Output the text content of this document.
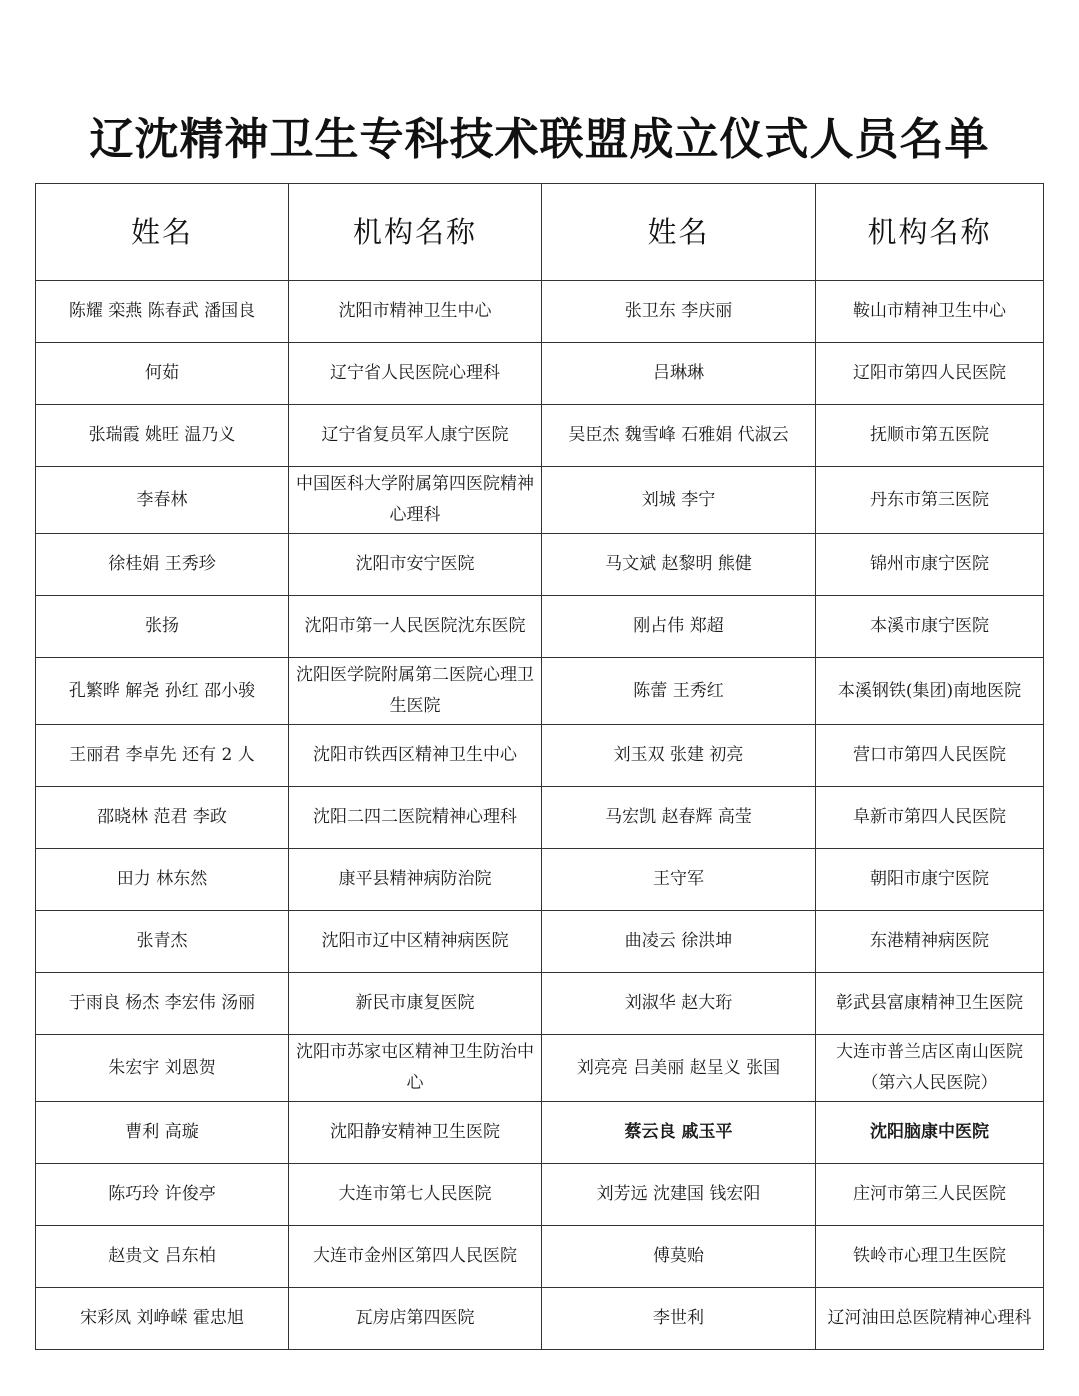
辽沈精神卫生专科技术联盟成立仪式人员名单
姓名	机构名称	姓名	机构名称
陈耀 栾燕 陈春武 潘国良	沈阳市精神卫生中心	张卫东 李庆丽	鞍山市精神卫生中心
何茹	辽宁省人民医院心理科	吕琳琳	辽阳市第四人民医院
张瑞霞 姚旺 温乃义	辽宁省复员军人康宁医院	吴臣杰 魏雪峰 石雅娟 代淑云	抚顺市第五医院
李春林	中国医科大学附属第四医院精神心理科	刘城 李宁	丹东市第三医院
徐桂娟 王秀珍	沈阳市安宁医院	马文斌 赵黎明 熊健	锦州市康宁医院
张扬	沈阳市第一人民医院沈东医院	刚占伟 郑超	本溪市康宁医院
孔繁晔 解尧 孙红 邵小骏	沈阳医学院附属第二医院心理卫生医院	陈蕾 王秀红	本溪钢铁(集团)南地医院
王丽君 李卓先 还有 2 人	沈阳市铁西区精神卫生中心	刘玉双 张建 初亮	营口市第四人民医院
邵晓林 范君 李政	沈阳二四二医院精神心理科	马宏凯 赵春辉 高莹	阜新市第四人民医院
田力 林东然	康平县精神病防治院	王守军	朝阳市康宁医院
张青杰	沈阳市辽中区精神病医院	曲凌云 徐洪坤	东港精神病医院
于雨良 杨杰 李宏伟 汤丽	新民市康复医院	刘淑华 赵大珩	彰武县富康精神卫生医院
朱宏宇 刘恩贺	沈阳市苏家屯区精神卫生防治中心	刘亮亮 吕美丽 赵呈义 张国	大连市普兰店区南山医院（第六人民医院）
曹利 高璇	沈阳静安精神卫生医院	蔡云良 戚玉平	沈阳脑康中医院
陈巧玲 许俊亭	大连市第七人民医院	刘芳远 沈建国 钱宏阳	庄河市第三人民医院
赵贵文 吕东柏	大连市金州区第四人民医院	傅莫贻	铁岭市心理卫生医院
宋彩凤 刘峥嵘 霍忠旭	瓦房店第四医院	李世利	辽河油田总医院精神心理科
